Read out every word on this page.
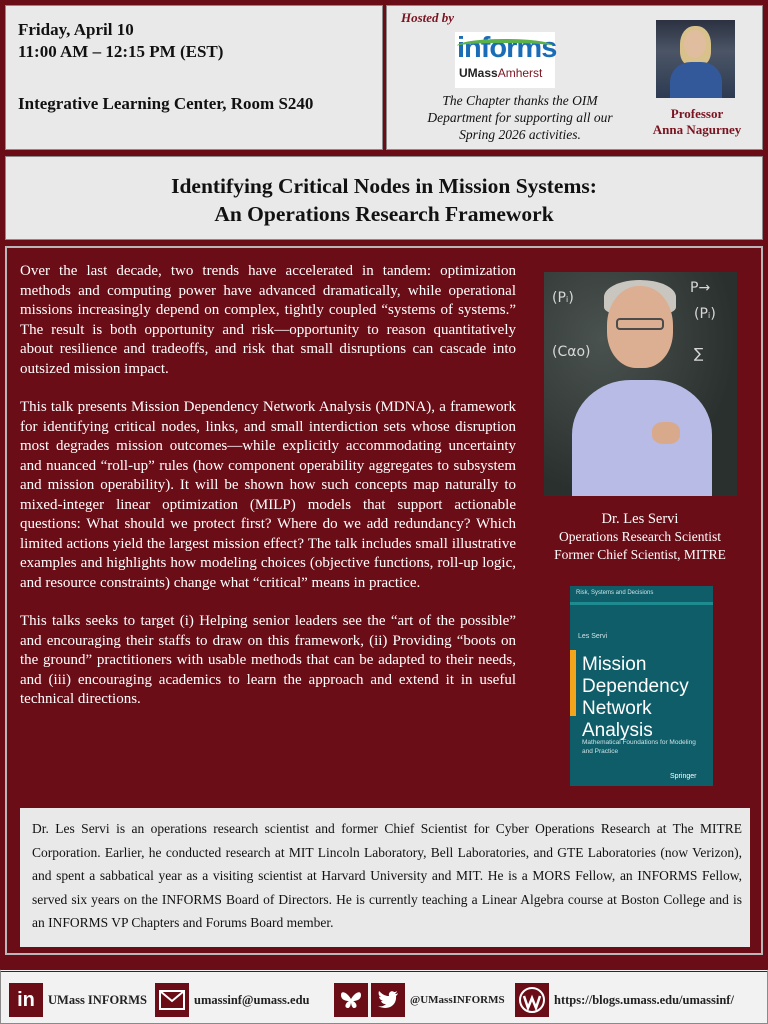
Friday, April 10
11:00 AM – 12:15 PM (EST)
Integrative Learning Center, Room S240
Hosted by
informs
UMassAmherst
The Chapter thanks the OIM Department for supporting all our Spring 2026 activities.
Professor
Anna Nagurney
Identifying Critical Nodes in Mission Systems:
An Operations Research Framework

Over the last decade, two trends have accelerated in tandem: optimization methods and computing power have advanced dramatically, while operational missions increasingly depend on complex, tightly coupled “systems of systems.” The result is both opportunity and risk—opportunity to reason quantitatively about resilience and tradeoffs, and risk that small disruptions can cascade into outsized mission impact.

This talk presents Mission Dependency Network Analysis (MDNA), a framework for identifying critical nodes, links, and small interdiction sets whose disruption most degrades mission outcomes—while explicitly accommodating uncertainty and nuanced “roll-up” rules (how component operability aggregates to subsystem and mission operability). It will be shown how such concepts map naturally to mixed-integer linear optimization (MILP) models that support actionable questions: What should we protect first? Where do we add redundancy? Which limited actions yield the largest mission effect? The talk includes small illustrative examples and highlights how modeling choices (objective functions, roll-up logic, and resource constraints) change what “critical” means in practice.

This talks seeks to target (i) Helping senior leaders see the “art of the possible” and encouraging their staffs to draw on this framework, (ii) Providing “boots on the ground” practitioners with usable methods that can be adapted to their needs, and (iii) encouraging academics to learn the approach and extend it in useful technical directions.

(Pᵢ)
P→
(Pᵢ)
(Cαo)	∑
Dr. Les Servi
Operations Research Scientist
Former Chief Scientist, MITRE
Risk, Systems and Decisions
Les Servi
Mission
Dependency
Network
Analysis
Mathematical Foundations for Modeling and Practice
Springer
Dr. Les Servi is an operations research scientist and former Chief Scientist for Cyber Operations Research at The MITRE Corporation. Earlier, he conducted research at MIT Lincoln Laboratory, Bell Laboratories, and GTE Laboratories (now Verizon), and spent a sabbatical year as a visiting scientist at Harvard University and MIT. He is a MORS Fellow, an INFORMS Fellow, served six years on the INFORMS Board of Directors. He is currently teaching a Linear Algebra course at Boston College and is an INFORMS VP Chapters and Forums Board member.
in UMass INFORMS	umassinf@umass.edu	@UMassINFORMS	https://blogs.umass.edu/umassinf/
